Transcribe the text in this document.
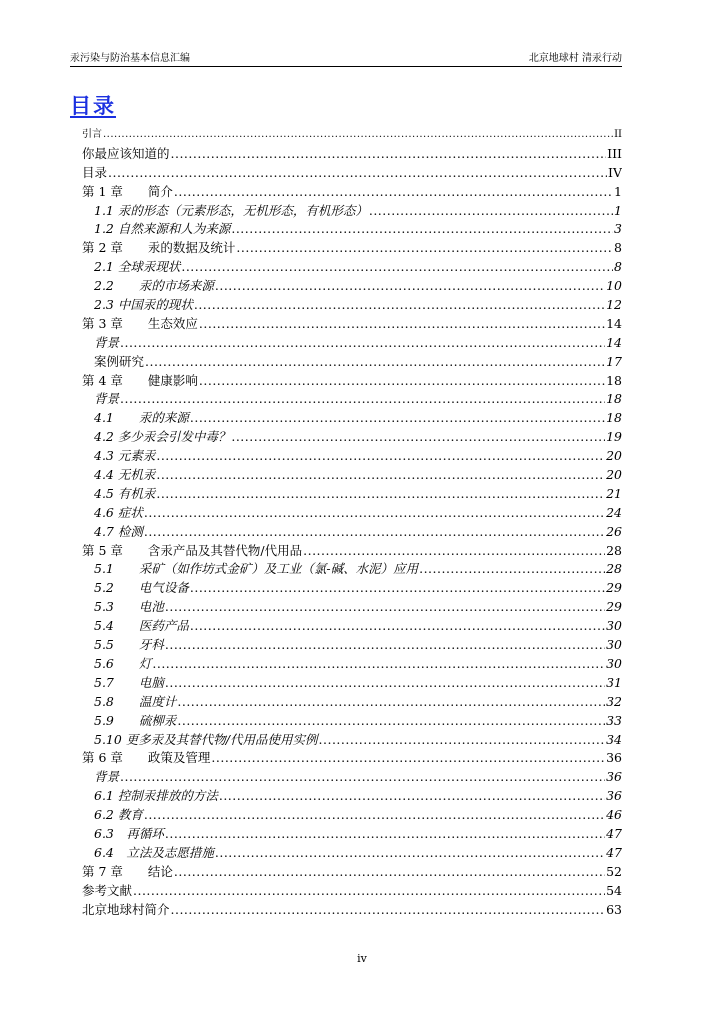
汞污染与防治基本信息汇编	北京地球村 清汞行动
目录
引言 .....	II
你最应该知道的 .....	III
目录 .....	IV
第 1 章　　简介 .....	1
1.1 汞的形态（元素形态，无机形态，有机形态） .....	1
1.2 自然来源和人为来源 .....	3
第 2 章　　汞的数据及统计 .....	8
2.1 全球汞现状 .....	8
2.2　　汞的市场来源 .....	10
2.3 中国汞的现状 .....	12
第 3 章　　生态效应 .....	14
背景 .....	14
案例研究 .....	17
第 4 章　　健康影响 .....	18
背景 .....	18
4.1　　汞的来源 .....	18
4.2 多少汞会引发中毒？ .....	19
4.3 元素汞 .....	20
4.4 无机汞 .....	20
4.5 有机汞 .....	21
4.6 症状 .....	24
4.7 检测 .....	26
第 5 章　　含汞产品及其替代物/代用品 .....	28
5.1　　采矿（如作坊式金矿）及工业（氯-碱、水泥）应用 .....	28
5.2　　电气设备 .....	29
5.3　　电池 .....	29
5.4　　医药产品 .....	30
5.5　　牙科 .....	30
5.6　　灯 .....	30
5.7　　电脑 .....	31
5.8　　温度计 .....	32
5.9　　硫柳汞 .....	33
5.10 更多汞及其替代物/代用品使用实例 .....	34
第 6 章　　政策及管理 .....	36
背景 .....	36
6.1 控制汞排放的方法 .....	36
6.2 教育 .....	46
6.3　再循环 .....	47
6.4　立法及志愿措施 .....	47
第 7 章　　结论 .....	52
参考文献 .....	54
北京地球村简介 .....	63
iv
